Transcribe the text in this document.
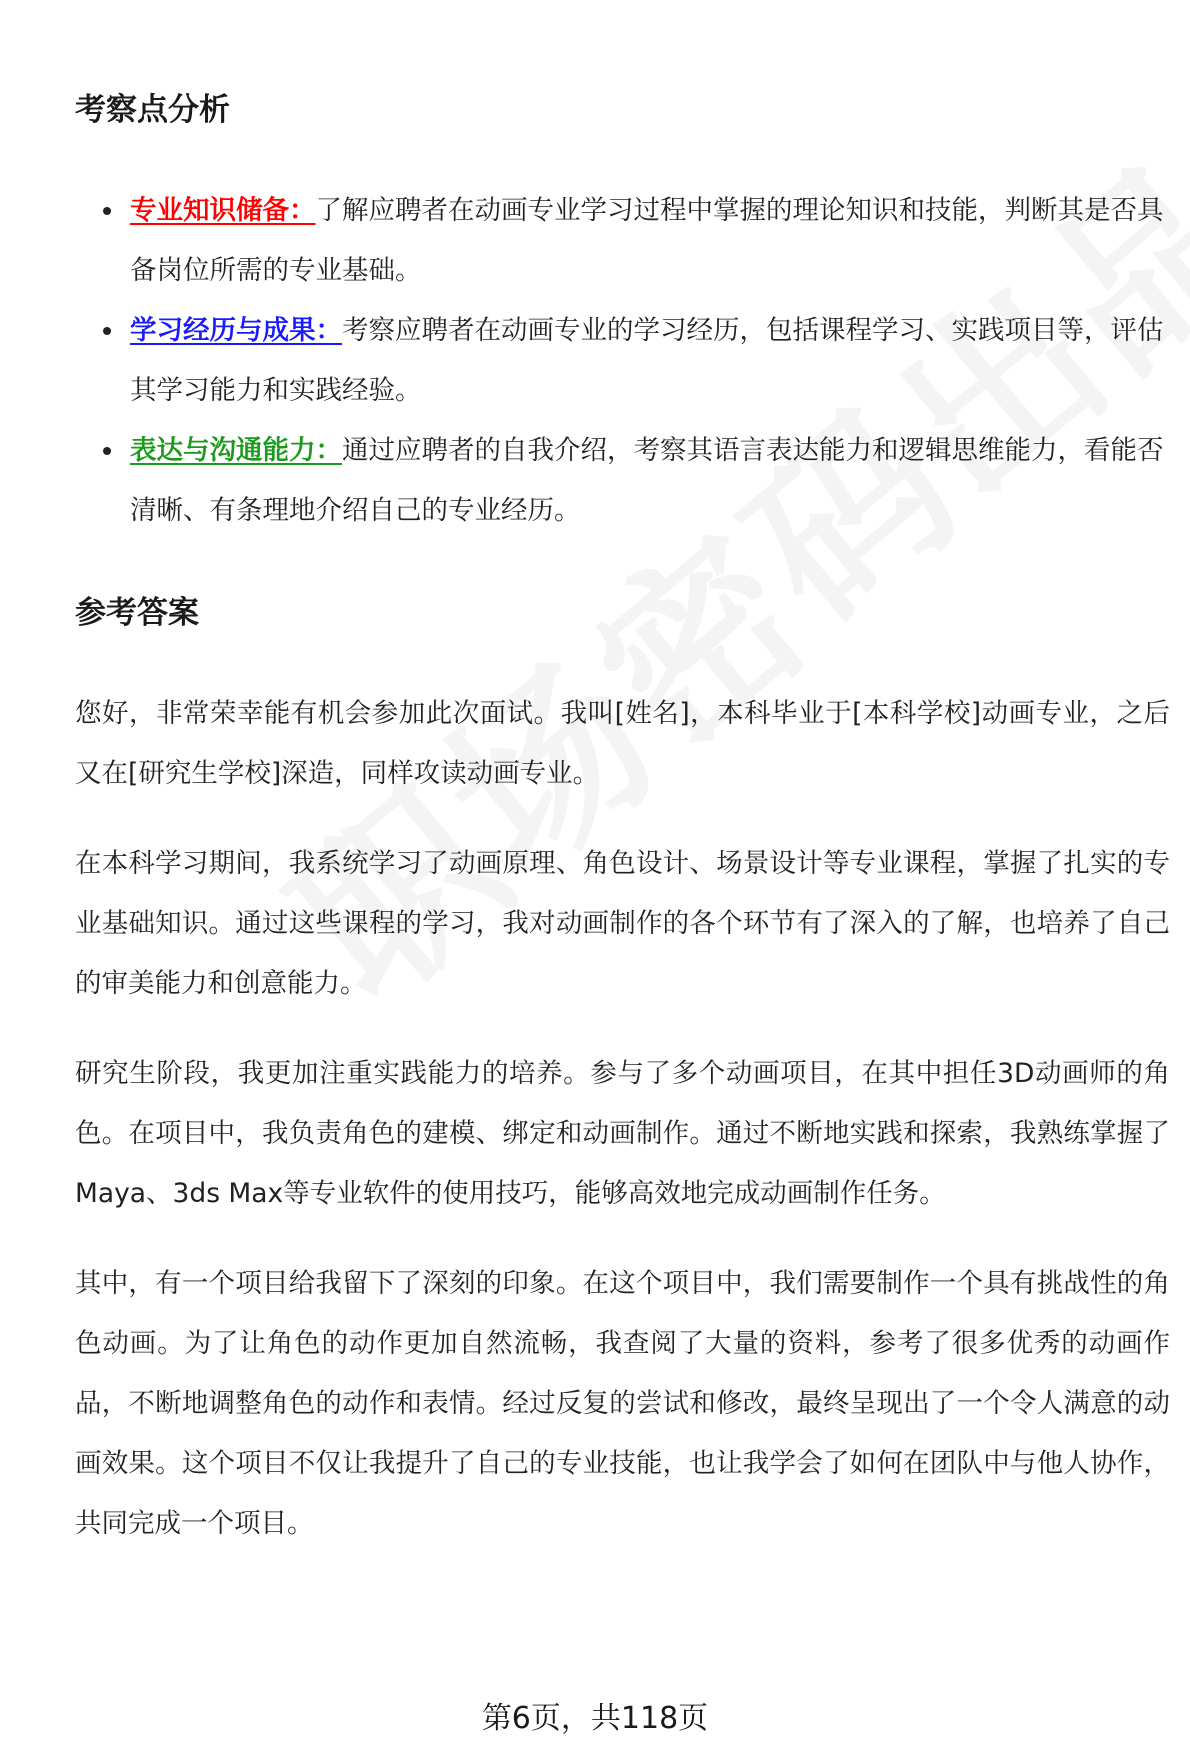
考察点分析
专业知识储备：了解应聘者在动画专业学习过程中掌握的理论知识和技能，判断其是否具备岗位所需的专业基础。
学习经历与成果：考察应聘者在动画专业的学习经历，包括课程学习、实践项目等，评估其学习能力和实践经验。
表达与沟通能力：通过应聘者的自我介绍，考察其语言表达能力和逻辑思维能力，看能否清晰、有条理地介绍自己的专业经历。
参考答案

您好，非常荣幸能有机会参加此次面试。我叫[姓名]，本科毕业于[本科学校]动画专业，之后又在[研究生学校]深造，同样攻读动画专业。

在本科学习期间，我系统学习了动画原理、角色设计、场景设计等专业课程，掌握了扎实的专业基础知识。通过这些课程的学习，我对动画制作的各个环节有了深入的了解，也培养了自己的审美能力和创意能力。

研究生阶段，我更加注重实践能力的培养。参与了多个动画项目，在其中担任3D动画师的角色。在项目中，我负责角色的建模、绑定和动画制作。通过不断地实践和探索，我熟练掌握了Maya、3ds Max等专业软件的使用技巧，能够高效地完成动画制作任务。

其中，有一个项目给我留下了深刻的印象。在这个项目中，我们需要制作一个具有挑战性的角色动画。为了让角色的动作更加自然流畅，我查阅了大量的资料，参考了很多优秀的动画作品，不断地调整角色的动作和表情。经过反复的尝试和修改，最终呈现出了一个令人满意的动画效果。这个项目不仅让我提升了自己的专业技能，也让我学会了如何在团队中与他人协作，共同完成一个项目。

第6页，共118页
